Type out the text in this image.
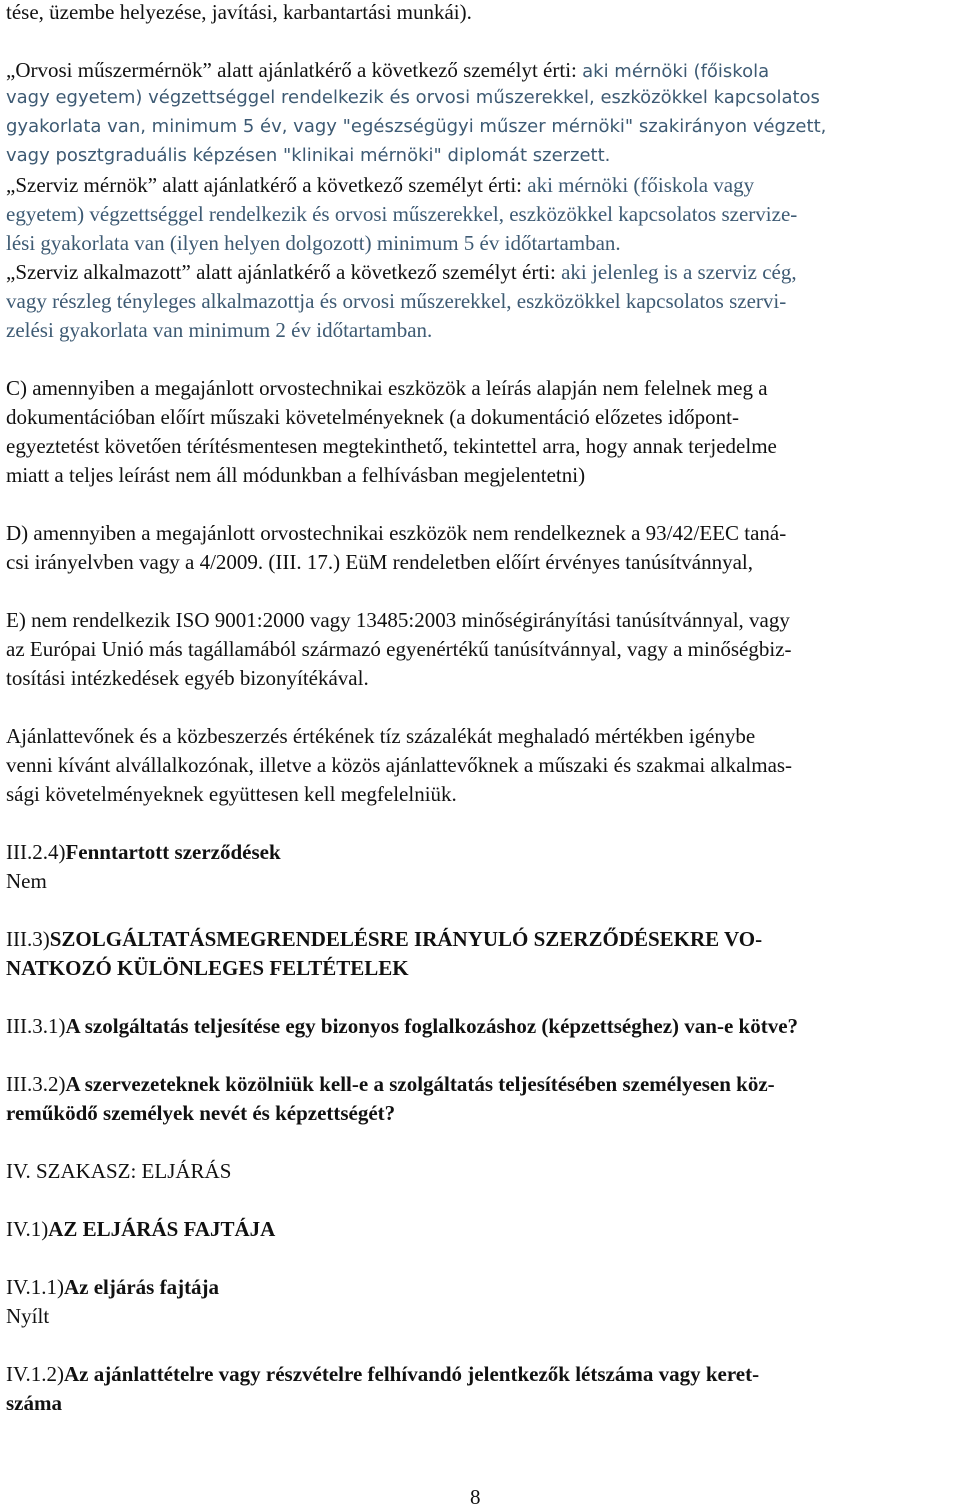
tése, üzembe helyezése, javítási, karbantartási munkái).
„Orvosi műszermérnök” alatt ajánlatkérő a következő személyt érti: aki mérnöki (főiskola
vagy egyetem) végzettséggel rendelkezik és orvosi műszerekkel, eszközökkel kapcsolatos
gyakorlata van, minimum 5 év, vagy "egészségügyi műszer mérnöki" szakirányon végzett,
vagy posztgraduális képzésen "klinikai mérnöki" diplomát szerzett.
„Szerviz mérnök” alatt ajánlatkérő a következő személyt érti: aki mérnöki (főiskola vagy
egyetem) végzettséggel rendelkezik és orvosi műszerekkel, eszközökkel kapcsolatos szervize-
lési gyakorlata van (ilyen helyen dolgozott) minimum 5 év időtartamban.
„Szerviz alkalmazott” alatt ajánlatkérő a következő személyt érti: aki jelenleg is a szerviz cég,
vagy részleg tényleges alkalmazottja és orvosi műszerekkel, eszközökkel kapcsolatos szervi-
zelési gyakorlata van minimum 2 év időtartamban.
C) amennyiben a megajánlott orvostechnikai eszközök a leírás alapján nem felelnek meg a
dokumentációban előírt műszaki követelményeknek (a dokumentáció előzetes időpont-
egyeztetést követően térítésmentesen megtekinthető, tekintettel arra, hogy annak terjedelme
miatt a teljes leírást nem áll módunkban a felhívásban megjelentetni)
D) amennyiben a megajánlott orvostechnikai eszközök nem rendelkeznek a 93/42/EEC taná-
csi irányelvben vagy a 4/2009. (III. 17.) EüM rendeletben előírt érvényes tanúsítvánnyal,
E) nem rendelkezik ISO 9001:2000 vagy 13485:2003 minőségirányítási tanúsítvánnyal, vagy
az Európai Unió más tagállamából származó egyenértékű tanúsítvánnyal, vagy a minőségbiz-
tosítási intézkedések egyéb bizonyítékával.
Ajánlattevőnek és a közbeszerzés értékének tíz százalékát meghaladó mértékben igénybe
venni kívánt alvállalkozónak, illetve a közös ajánlattevőknek a műszaki és szakmai alkalmas-
sági követelményeknek együttesen kell megfelelniük.
III.2.4)Fenntartott szerződések
Nem
III.3)SZOLGÁLTATÁSMEGRENDELÉSRE IRÁNYULÓ SZERZŐDÉSEKRE VO-
NATKOZÓ KÜLÖNLEGES FELTÉTELEK
III.3.1)A szolgáltatás teljesítése egy bizonyos foglalkozáshoz (képzettséghez) van-e kötve?
III.3.2)A szervezeteknek közölniük kell-e a szolgáltatás teljesítésében személyesen köz-
reműködő személyek nevét és képzettségét?
IV. SZAKASZ: ELJÁRÁS
IV.1)AZ ELJÁRÁS FAJTÁJA
IV.1.1)Az eljárás fajtája
Nyílt
IV.1.2)Az ajánlattételre vagy részvételre felhívandó jelentkezők létszáma vagy keret-
száma
8
